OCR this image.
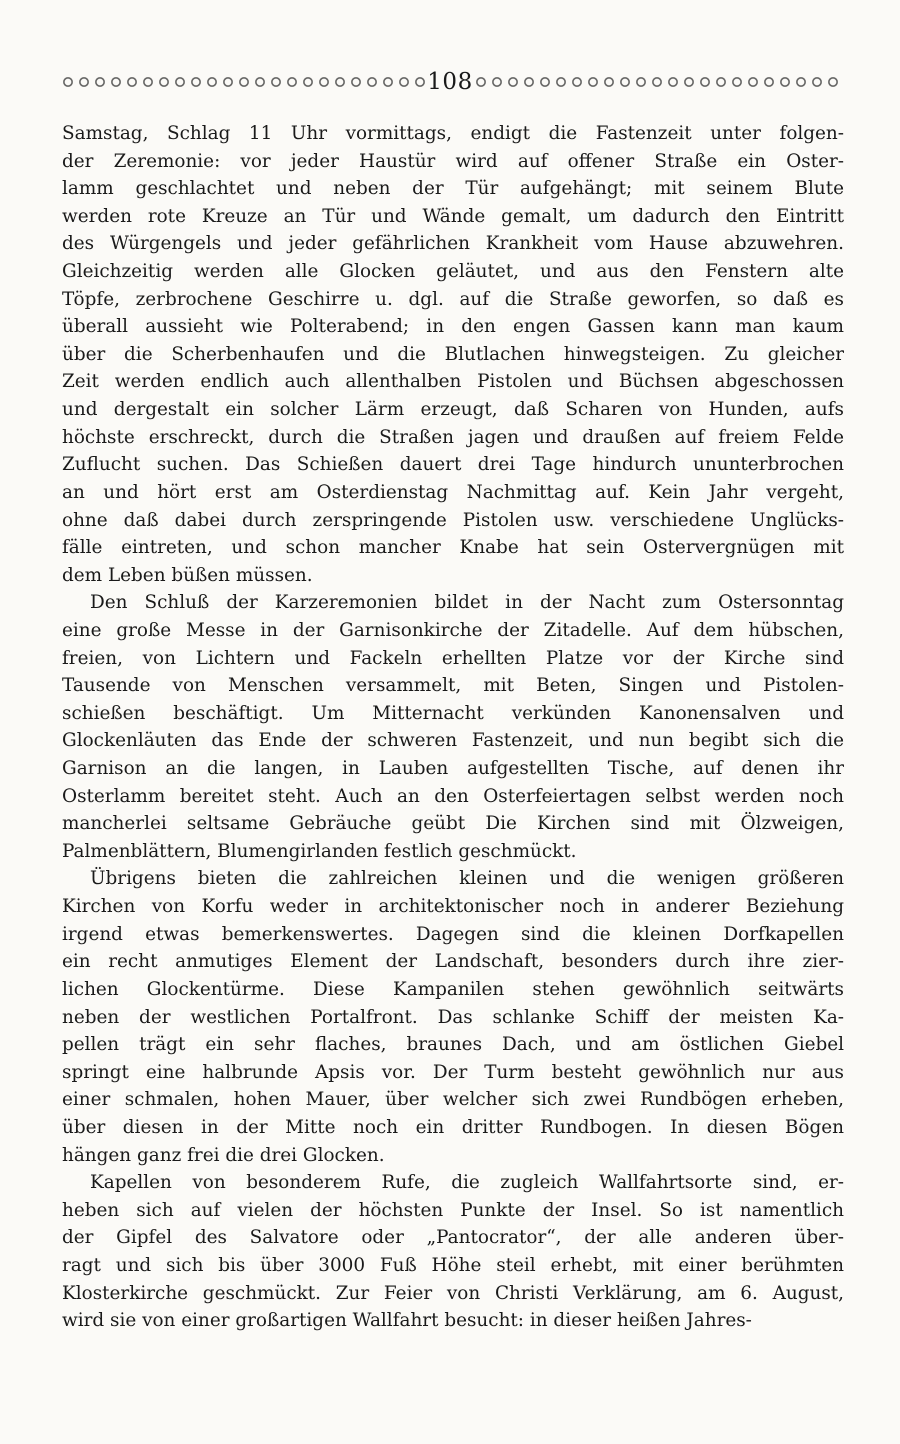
108
Samstag, Schlag 11 Uhr vormittags, endigt die Fastenzeit unter folgen-
der Zeremonie: vor jeder Haustür wird auf offener Straße ein Oster-
lamm geschlachtet und neben der Tür aufgehängt; mit seinem Blute
werden rote Kreuze an Tür und Wände gemalt, um dadurch den Eintritt
des Würgengels und jeder gefährlichen Krankheit vom Hause abzuwehren.
Gleichzeitig werden alle Glocken geläutet, und aus den Fenstern alte
Töpfe, zerbrochene Geschirre u. dgl. auf die Straße geworfen, so daß es
überall aussieht wie Polterabend; in den engen Gassen kann man kaum
über die Scherbenhaufen und die Blutlachen hinwegsteigen. Zu gleicher
Zeit werden endlich auch allenthalben Pistolen und Büchsen abgeschossen
und dergestalt ein solcher Lärm erzeugt, daß Scharen von Hunden, aufs
höchste erschreckt, durch die Straßen jagen und draußen auf freiem Felde
Zuflucht suchen. Das Schießen dauert drei Tage hindurch ununterbrochen
an und hört erst am Osterdienstag Nachmittag auf. Kein Jahr vergeht,
ohne daß dabei durch zerspringende Pistolen usw. verschiedene Unglücks-
fälle eintreten, und schon mancher Knabe hat sein Ostervergnügen mit
dem Leben büßen müssen.
Den Schluß der Karzeremonien bildet in der Nacht zum Ostersonntag
eine große Messe in der Garnisonkirche der Zitadelle. Auf dem hübschen,
freien, von Lichtern und Fackeln erhellten Platze vor der Kirche sind
Tausende von Menschen versammelt, mit Beten, Singen und Pistolen-
schießen beschäftigt. Um Mitternacht verkünden Kanonensalven und
Glockenläuten das Ende der schweren Fastenzeit, und nun begibt sich die
Garnison an die langen, in Lauben aufgestellten Tische, auf denen ihr
Osterlamm bereitet steht. Auch an den Osterfeiertagen selbst werden noch
mancherlei seltsame Gebräuche geübt Die Kirchen sind mit Ölzweigen,
Palmenblättern, Blumengirlanden festlich geschmückt.
Übrigens bieten die zahlreichen kleinen und die wenigen größeren
Kirchen von Korfu weder in architektonischer noch in anderer Beziehung
irgend etwas bemerkenswertes. Dagegen sind die kleinen Dorfkapellen
ein recht anmutiges Element der Landschaft, besonders durch ihre zier-
lichen Glockentürme. Diese Kampanilen stehen gewöhnlich seitwärts
neben der westlichen Portalfront. Das schlanke Schiff der meisten Ka-
pellen trägt ein sehr flaches, braunes Dach, und am östlichen Giebel
springt eine halbrunde Apsis vor. Der Turm besteht gewöhnlich nur aus
einer schmalen, hohen Mauer, über welcher sich zwei Rundbögen erheben,
über diesen in der Mitte noch ein dritter Rundbogen. In diesen Bögen
hängen ganz frei die drei Glocken.
Kapellen von besonderem Rufe, die zugleich Wallfahrtsorte sind, er-
heben sich auf vielen der höchsten Punkte der Insel. So ist namentlich
der Gipfel des Salvatore oder „Pantocrator“, der alle anderen über-
ragt und sich bis über 3000 Fuß Höhe steil erhebt, mit einer berühmten
Klosterkirche geschmückt. Zur Feier von Christi Verklärung, am 6. August,
wird sie von einer großartigen Wallfahrt besucht: in dieser heißen Jahres-
